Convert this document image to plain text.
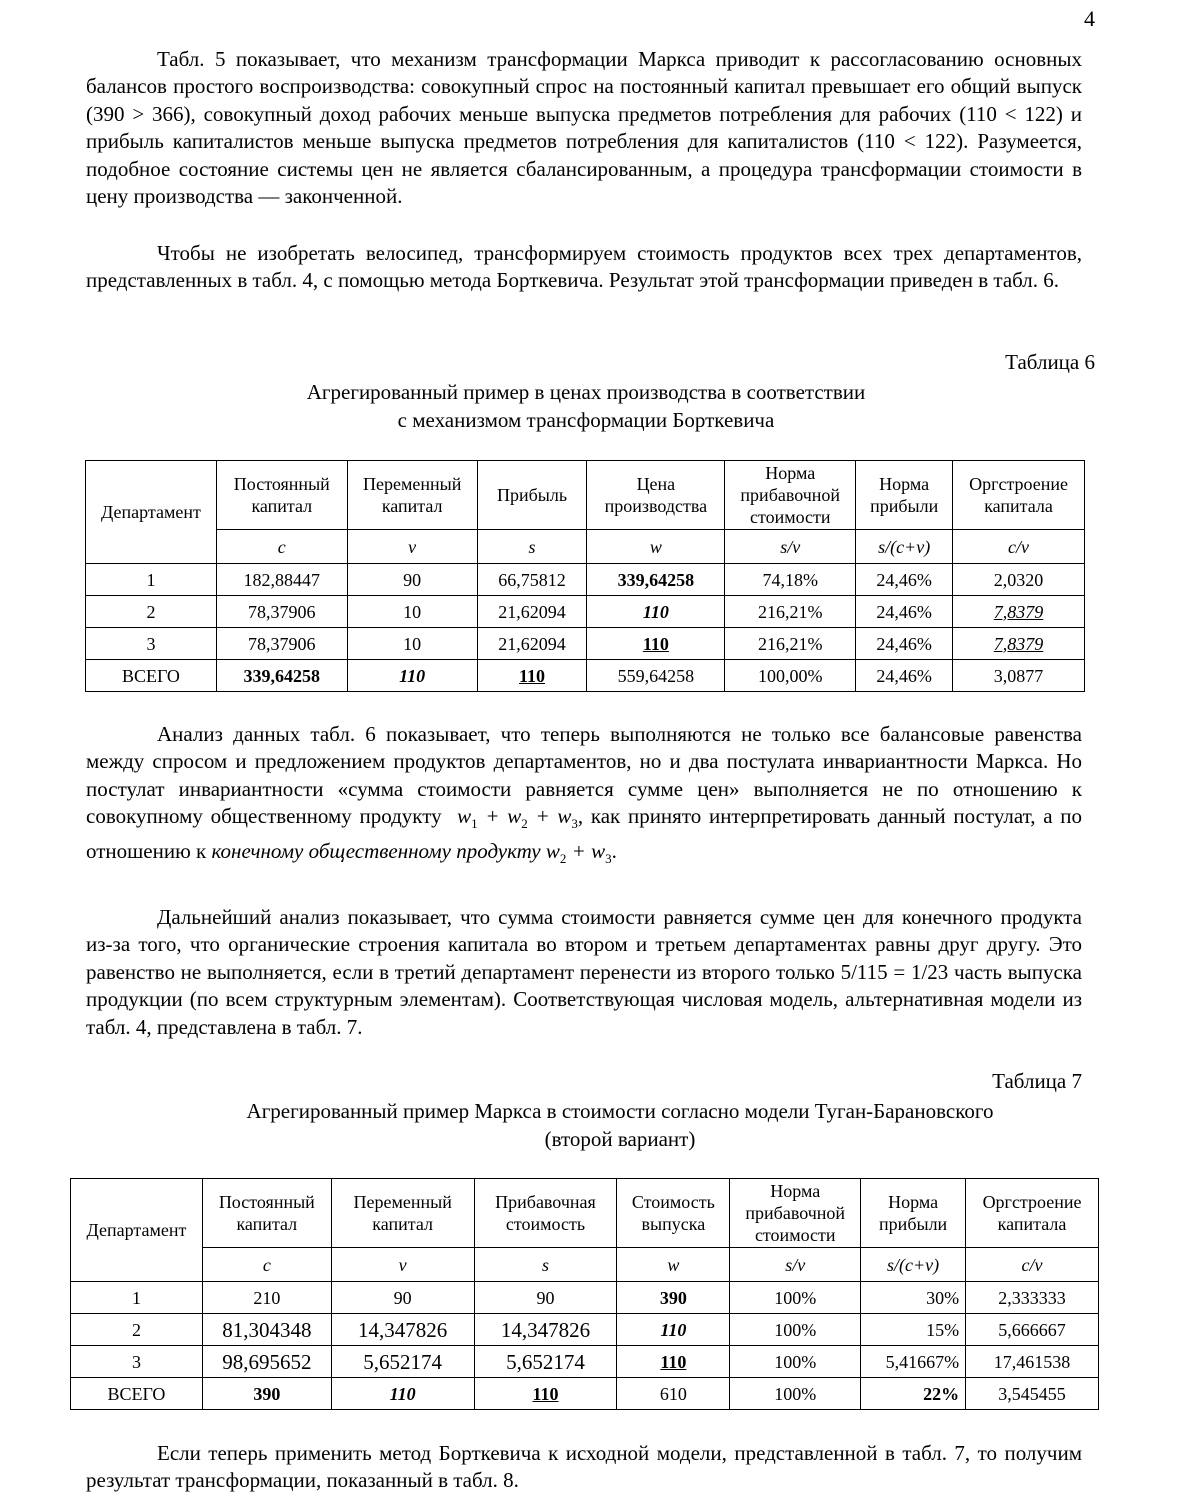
4

Табл. 5 показывает, что механизм трансформации Маркса приводит к рассогласованию основных балансов простого воспроизводства: совокупный спрос на постоянный капитал превышает его общий выпуск (390 > 366), совокупный доход рабочих меньше выпуска предметов потребления для рабочих (110 < 122) и прибыль капиталистов меньше выпуска предметов потребления для капиталистов (110 < 122). Разумеется, подобное состояние системы цен не является сбалансированным, а процедура трансформации стоимости в цену производства — законченной.

Чтобы не изобретать велосипед, трансформируем стоимость продуктов всех трех департаментов, представленных в табл. 4, с помощью метода Борткевича. Результат этой трансформации приведен в табл. 6.

Таблица 6
Агрегированный пример в ценах производства в соответствии
с механизмом трансформации Борткевича
Департамент	Постоянный капитал	Переменный капитал	Прибыль	Цена производства	Норма прибавочной стоимости	Норма прибыли	Оргстроение капитала
	c	v	s	w	s/v	s/(c+v)	c/v
1	182,88447	90	66,75812	339,64258	74,18%	24,46%	2,0320
2	78,37906	10	21,62094	110	216,21%	24,46%	7,8379
3	78,37906	10	21,62094	110	216,21%	24,46%	7,8379
ВСЕГО	339,64258	110	110	559,64258	100,00%	24,46%	3,0877

Анализ данных табл. 6 показывает, что теперь выполняются не только все балансовые равенства между спросом и предложением продуктов департаментов, но и два постулата инвариантности Маркса. Но постулат инвариантности «сумма стоимости равняется сумме цен» выполняется не по отношению к совокупному общественному продукту $w_1 + w_2 + w_3$, как принято интерпретировать данный постулат, а по отношению к конечному общественному продукту $w_2 + w_3$.

Дальнейший анализ показывает, что сумма стоимости равняется сумме цен для конечного продукта из-за того, что органические строения капитала во втором и третьем департаментах равны друг другу. Это равенство не выполняется, если в третий департамент перенести из второго только 5/115 = 1/23 часть выпуска продукции (по всем структурным элементам). Соответствующая числовая модель, альтернативная модели из табл. 4, представлена в табл. 7.

Таблица 7
Агрегированный пример Маркса в стоимости согласно модели Туган-Барановского
(второй вариант)
Департамент	Постоянный капитал	Переменный капитал	Прибавочная стоимость	Стоимость выпуска	Норма прибавочной стоимости	Норма прибыли	Оргстроение капитала
	c	v	s	w	s/v	s/(c+v)	c/v
1	210	90	90	390	100%	30%	2,333333
2	81,304348	14,347826	14,347826	110	100%	15%	5,666667
3	98,695652	5,652174	5,652174	110	100%	5,41667%	17,461538
ВСЕГО	390	110	110	610	100%	22%	3,545455

Если теперь применить метод Борткевича к исходной модели, представленной в табл. 7, то получим результат трансформации, показанный в табл. 8.
